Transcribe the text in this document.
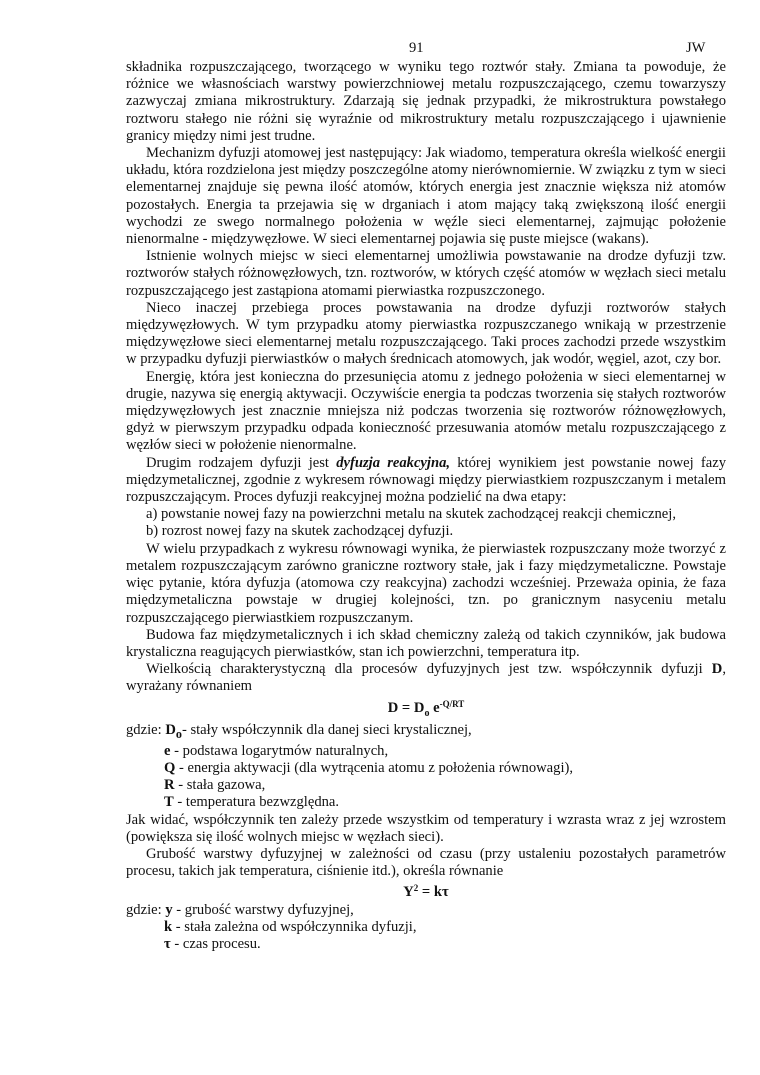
91	JW

składnika rozpuszczającego, tworzącego w wyniku tego roztwór stały. Zmiana ta powoduje, że różnice we własnościach warstwy powierzchniowej metalu rozpuszczającego, czemu towarzyszy zazwyczaj zmiana mikrostruktury. Zdarzają się jednak przypadki, że mikrostruktura powstałego roztworu stałego nie różni się wyraźnie od mikrostruktury metalu rozpuszczającego i ujawnienie granicy między nimi jest trudne.

Mechanizm dyfuzji atomowej jest następujący: Jak wiadomo, temperatura określa wielkość energii układu, która rozdzielona jest między poszczególne atomy nierównomiernie. W związku z tym w sieci elementarnej znajduje się pewna ilość atomów, których energia jest znacznie większa niż atomów pozostałych. Energia ta przejawia się w drganiach i atom mający taką zwiększoną ilość energii wychodzi ze swego normalnego położenia w węźle sieci elementarnej, zajmując położenie nienormalne - międzywęzłowe. W sieci elementarnej pojawia się puste miejsce (wakans).

Istnienie wolnych miejsc w sieci elementarnej umożliwia powstawanie na drodze dyfuzji tzw. roztworów stałych różnowęzłowych, tzn. roztworów, w których część atomów w węzłach sieci metalu rozpuszczającego jest zastąpiona atomami pierwiastka rozpuszczonego.

Nieco inaczej przebiega proces powstawania na drodze dyfuzji roztworów stałych międzywęzłowych. W tym przypadku atomy pierwiastka rozpuszczanego wnikają w przestrzenie międzywęzłowe sieci elementarnej metalu rozpuszczającego. Taki proces zachodzi przede wszystkim w przypadku dyfuzji pierwiastków o małych średnicach atomowych, jak wodór, węgiel, azot, czy bor.

Energię, która jest konieczna do przesunięcia atomu z jednego położenia w sieci elementarnej w drugie, nazywa się energią aktywacji. Oczywiście energia ta podczas tworzenia się stałych roztworów międzywęzłowych jest znacznie mniejsza niż podczas tworzenia się roztworów różnowęzłowych, gdyż w pierwszym przypadku odpada konieczność przesuwania atomów metalu rozpuszczającego z węzłów sieci w położenie nienormalne.

Drugim rodzajem dyfuzji jest dyfuzja reakcyjna, której wynikiem jest powstanie nowej fazy międzymetalicznej, zgodnie z wykresem równowagi między pierwiastkiem rozpuszczanym i metalem rozpuszczającym. Proces dyfuzji reakcyjnej można podzielić na dwa etapy:

a) powstanie nowej fazy na powierzchni metalu na skutek zachodzącej reakcji chemicznej,

b) rozrost nowej fazy na skutek zachodzącej dyfuzji.

W wielu przypadkach z wykresu równowagi wynika, że pierwiastek rozpuszczany może tworzyć z metalem rozpuszczającym zarówno graniczne roztwory stałe, jak i fazy międzymetaliczne. Powstaje więc pytanie, która dyfuzja (atomowa czy reakcyjna) zachodzi wcześniej. Przeważa opinia, że faza międzymetaliczna powstaje w drugiej kolejności, tzn. po granicznym nasyceniu metalu rozpuszczającego pierwiastkiem rozpuszczanym.

Budowa faz międzymetalicznych i ich skład chemiczny zależą od takich czynników, jak budowa krystaliczna reagujących pierwiastków, stan ich powierzchni, temperatura itp.

Wielkością charakterystyczną dla procesów dyfuzyjnych jest tzw. współczynnik dyfuzji D, wyrażany równaniem

$D = D_o$ $e^{-Q/RT}$

gdzie: $D_o-$ stały współczynnik dla danej sieci krystalicznej,

e - podstawa logarytmów naturalnych,

Q - energia aktywacji (dla wytrącenia atomu z położenia równowagi),

R - stała gazowa,

T - temperatura bezwzględna.

Jak widać, współczynnik ten zależy przede wszystkim od temperatury i wzrasta wraz z jej wzrostem (powiększa się ilość wolnych miejsc w węzłach sieci).

Grubość warstwy dyfuzyjnej w zależności od czasu (przy ustaleniu pozostałych parametrów procesu, takich jak temperatura, ciśnienie itd.), określa równanie

$Y^2 = k\tau$

gdzie: y - grubość warstwy dyfuzyjnej,

k - stała zależna od współczynnika dyfuzji,

τ - czas procesu.
